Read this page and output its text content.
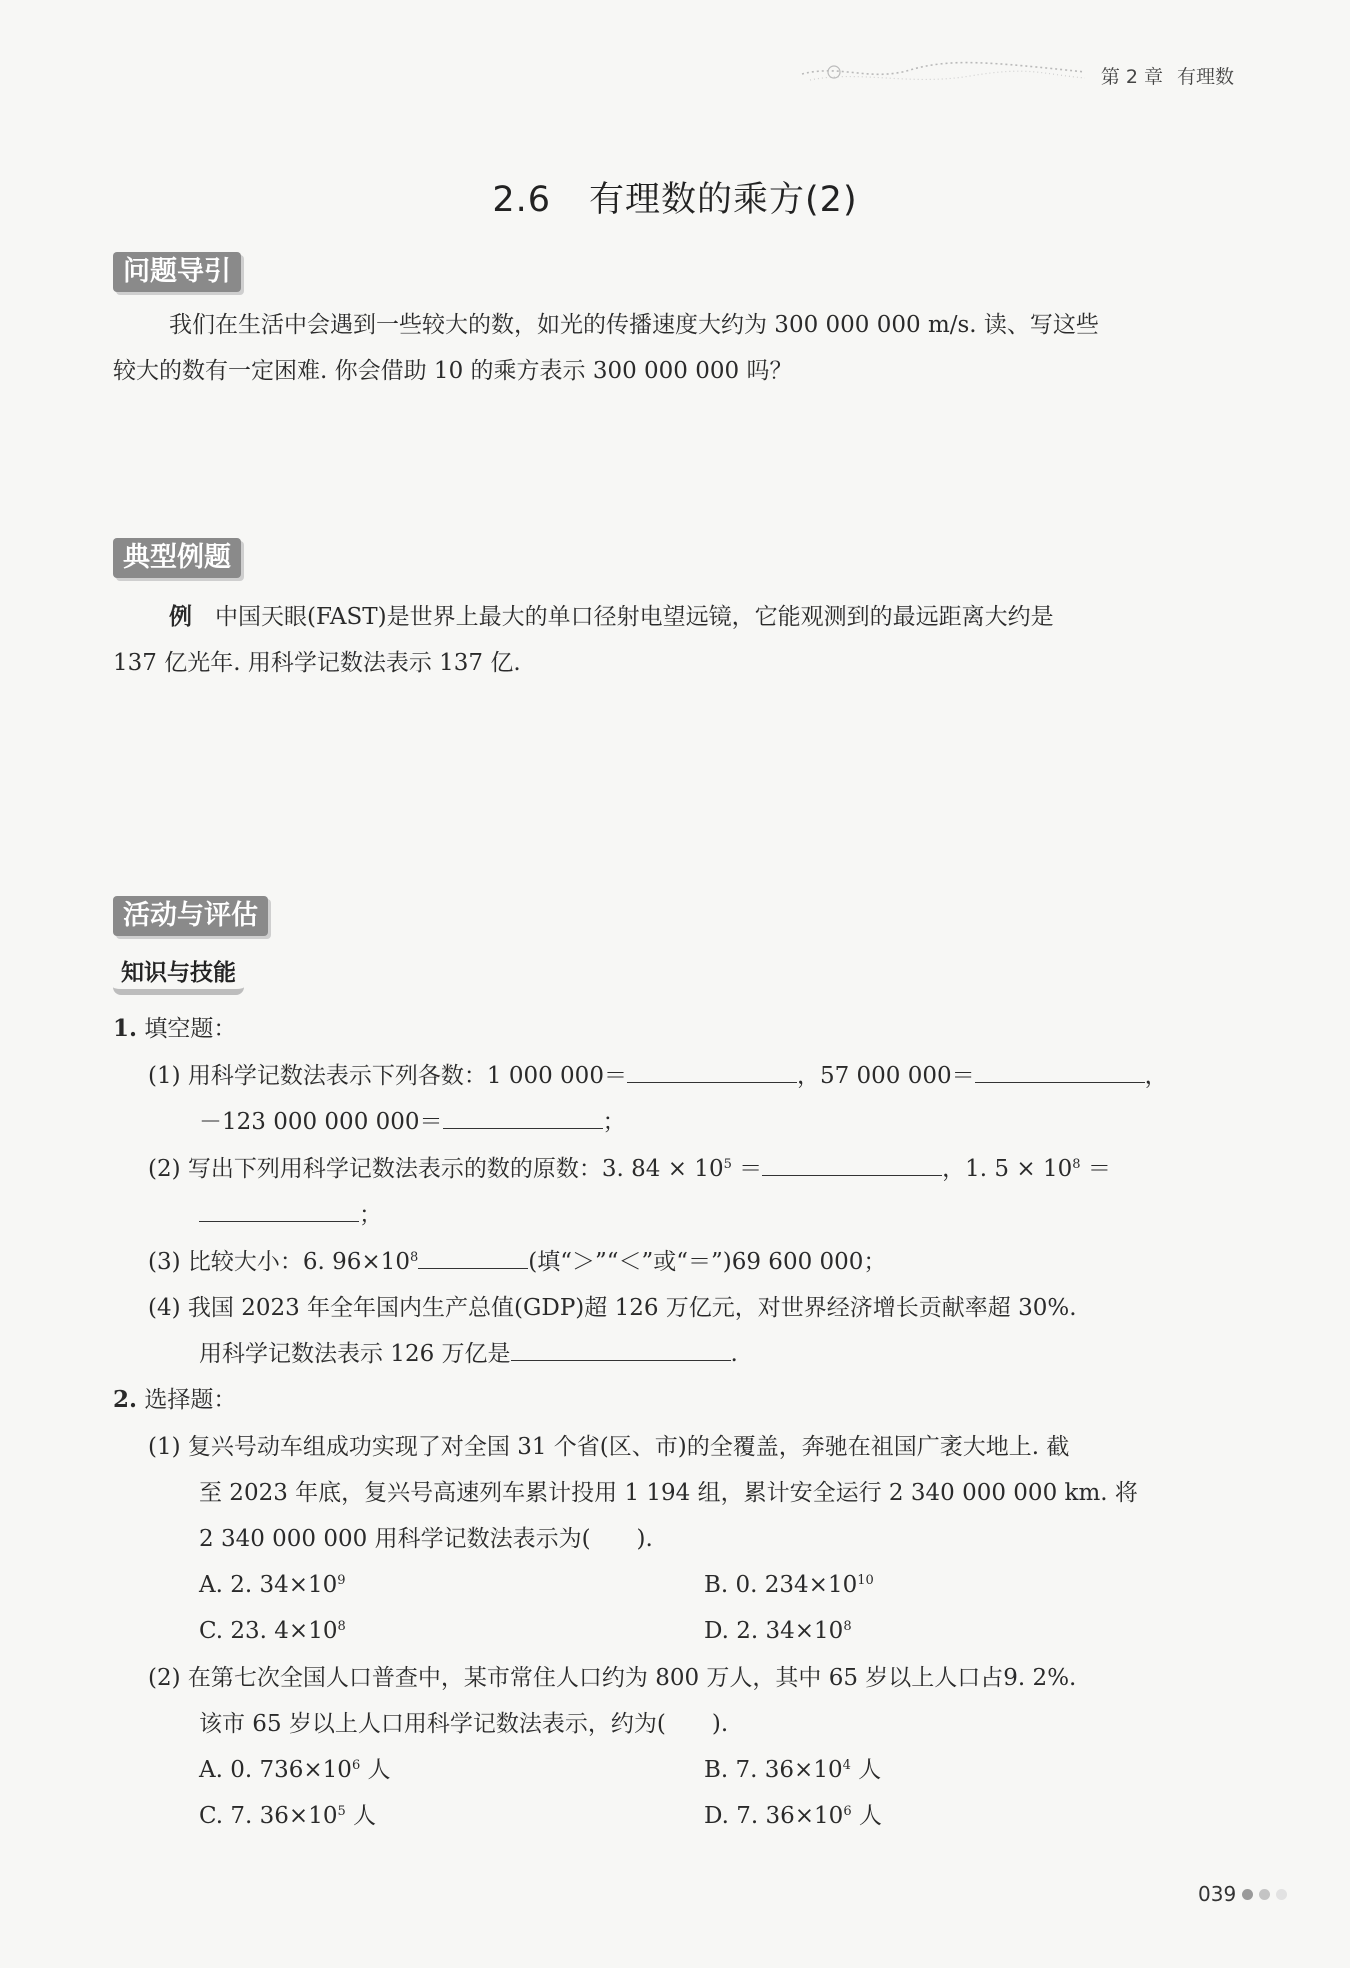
第 2 章 有理数
2.6 有理数的乘方(2)
问题导引

我们在生活中会遇到一些较大的数，如光的传播速度大约为 300 000 000 m/s. 读、写这些

较大的数有一定困难. 你会借助 10 的乘方表示 300 000 000 吗？

典型例题

例　 中国天眼(FAST)是世界上最大的单口径射电望远镜，它能观测到的最远距离大约是

137 亿光年. 用科学记数法表示 137 亿.

活动与评估
知识与技能
1. 填空题：
(1) 用科学记数法表示下列各数：1 000 000＝	，57 000 000＝	，
－123 000 000 000＝	；
(2) 写出下列用科学记数法表示的数的原数：3. $84 \times 10^5$ ＝	，1. $5 \times 10^8$ ＝
；
(3) 比较大小：6. $96\times 10^8$	(填“＞”“＜”或“＝”)69 600 000；
(4) 我国 2023 年全年国内生产总值(GDP)超 126 万亿元，对世界经济增长贡献率超 30%.
用科学记数法表示 126 万亿是	.
2. 选择题：
(1) 复兴号动车组成功实现了对全国 31 个省(区、市)的全覆盖，奔驰在祖国广袤大地上. 截
至 2023 年底，复兴号高速列车累计投用 1 194 组，累计安全运行 2 340 000 000 km. 将
2 340 000 000 用科学记数法表示为(　　).
A. 2. $34\times 10^9$	B. 0. $234\times 10^{10}$
C. 23. $4\times 10^8$	D. 2. $34\times 10^8$
(2) 在第七次全国人口普查中，某市常住人口约为 800 万人，其中 65 岁以上人口占9. 2%.
该市 65 岁以上人口用科学记数法表示，约为(　　).
A. 0. $736\times 10^6$ 人	B. 7. $36\times 10^4$ 人
C. 7. $36\times 10^5$ 人	D. 7. $36\times 10^6$ 人
039
